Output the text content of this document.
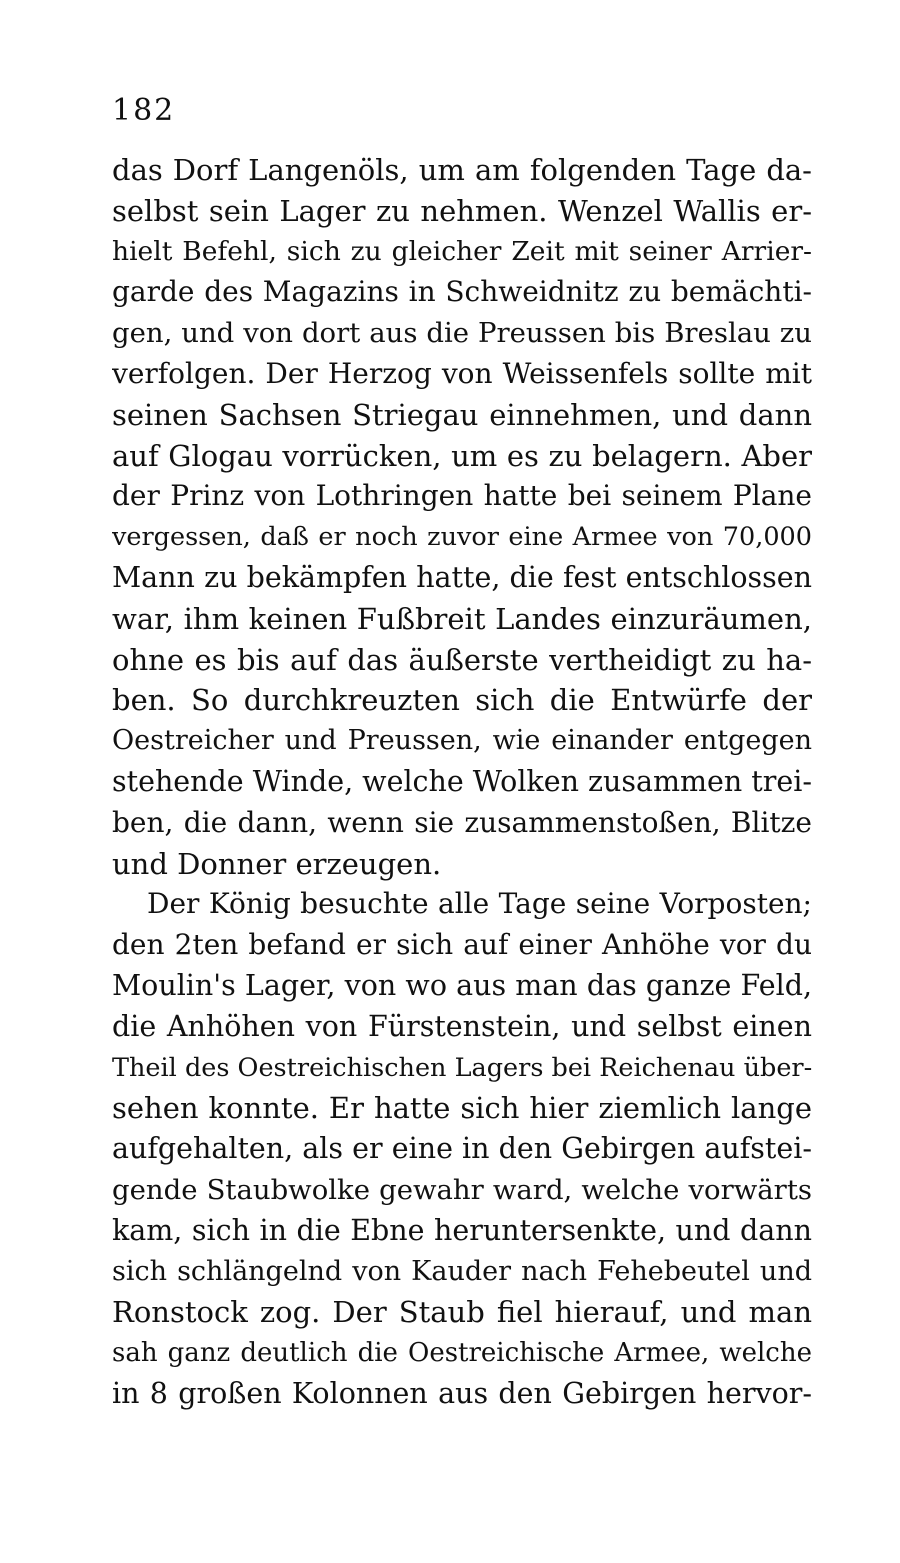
182
das Dorf Langenöls, um am folgenden Tage da-
selbst sein Lager zu nehmen. Wenzel Wallis er-
hielt Befehl, sich zu gleicher Zeit mit seiner Arrier-
garde des Magazins in Schweidnitz zu bemächti-
gen, und von dort aus die Preussen bis Breslau zu
verfolgen. Der Herzog von Weissenfels sollte mit
seinen Sachsen Striegau einnehmen, und dann
auf Glogau vorrücken, um es zu belagern. Aber
der Prinz von Lothringen hatte bei seinem Plane
vergessen, daß er noch zuvor eine Armee von 70,000
Mann zu bekämpfen hatte, die fest entschlossen
war, ihm keinen Fußbreit Landes einzuräumen,
ohne es bis auf das äußerste vertheidigt zu ha-
ben. So durchkreuzten sich die Entwürfe der
Oestreicher und Preussen, wie einander entgegen
stehende Winde, welche Wolken zusammen trei-
ben, die dann, wenn sie zusammenstoßen, Blitze
und Donner erzeugen.
Der König besuchte alle Tage seine Vorposten;
den 2ten befand er sich auf einer Anhöhe vor du
Moulin's Lager, von wo aus man das ganze Feld,
die Anhöhen von Fürstenstein, und selbst einen
Theil des Oestreichischen Lagers bei Reichenau über-
sehen konnte. Er hatte sich hier ziemlich lange
aufgehalten, als er eine in den Gebirgen aufstei-
gende Staubwolke gewahr ward, welche vorwärts
kam, sich in die Ebne heruntersenkte, und dann
sich schlängelnd von Kauder nach Fehebeutel und
Ronstock zog. Der Staub fiel hierauf, und man
sah ganz deutlich die Oestreichische Armee, welche
in 8 großen Kolonnen aus den Gebirgen hervor-
